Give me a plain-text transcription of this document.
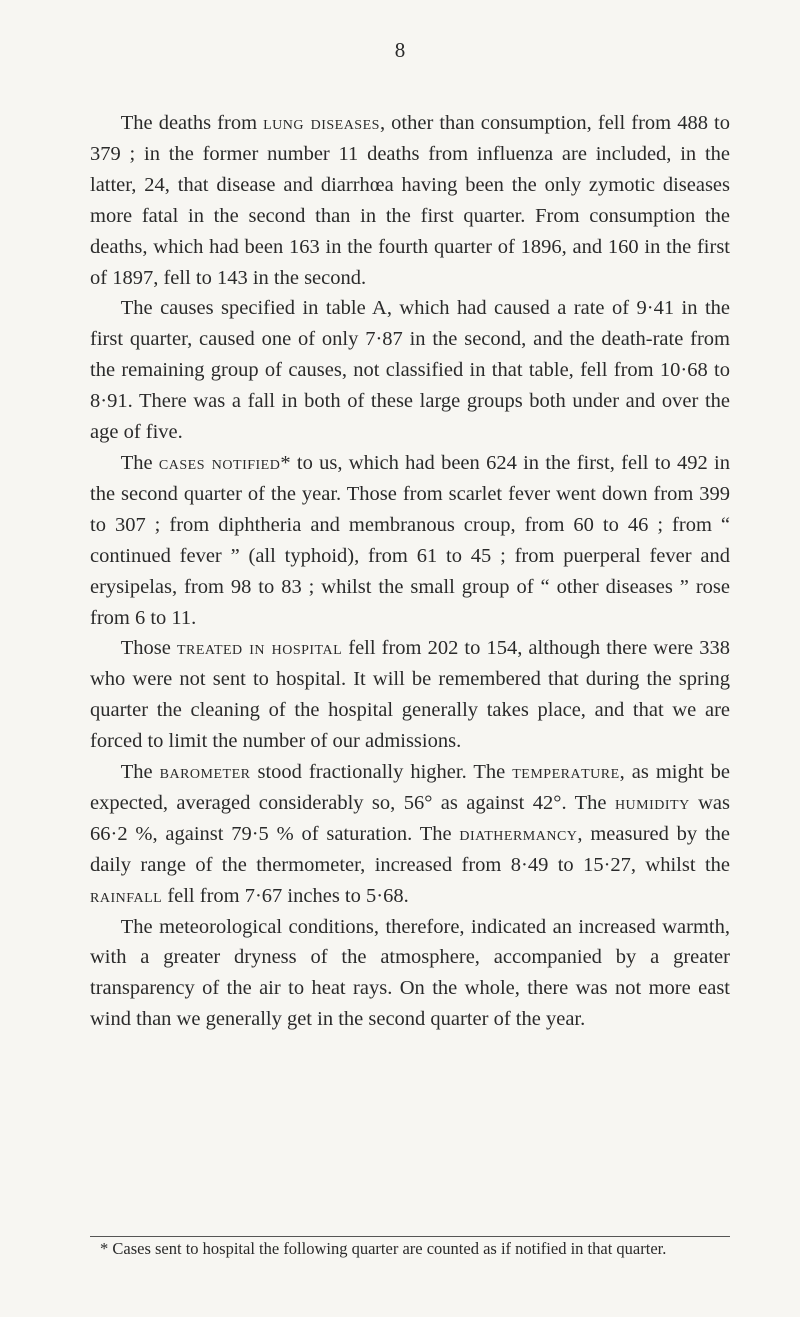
8

The deaths from lung diseases, other than consumption, fell from 488 to 379 ; in the former number 11 deaths from influenza are included, in the latter, 24, that disease and diarrhœa having been the only zymotic diseases more fatal in the second than in the first quarter. From consumption the deaths, which had been 163 in the fourth quarter of 1896, and 160 in the first of 1897, fell to 143 in the second.

The causes specified in table A, which had caused a rate of 9·41 in the first quarter, caused one of only 7·87 in the second, and the death-rate from the remaining group of causes, not classified in that table, fell from 10·68 to 8·91. There was a fall in both of these large groups both under and over the age of five.

The cases notified* to us, which had been 624 in the first, fell to 492 in the second quarter of the year. Those from scarlet fever went down from 399 to 307 ; from diphtheria and membranous croup, from 60 to 46 ; from “ continued fever ” (all typhoid), from 61 to 45 ; from puerperal fever and erysipelas, from 98 to 83 ; whilst the small group of “ other diseases ” rose from 6 to 11.

Those treated in hospital fell from 202 to 154, although there were 338 who were not sent to hospital. It will be remembered that during the spring quarter the cleaning of the hospital generally takes place, and that we are forced to limit the number of our admissions.

The barometer stood fractionally higher. The temperature, as might be expected, averaged considerably so, 56° as against 42°. The humidity was 66·2 %, against 79·5 % of saturation. The diathermancy, measured by the daily range of the thermometer, increased from 8·49 to 15·27, whilst the rainfall fell from 7·67 inches to 5·68.

The meteorological conditions, therefore, indicated an increased warmth, with a greater dryness of the atmosphere, accompanied by a greater transparency of the air to heat rays. On the whole, there was not more east wind than we generally get in the second quarter of the year.

* Cases sent to hospital the following quarter are counted as if notified in that quarter.
